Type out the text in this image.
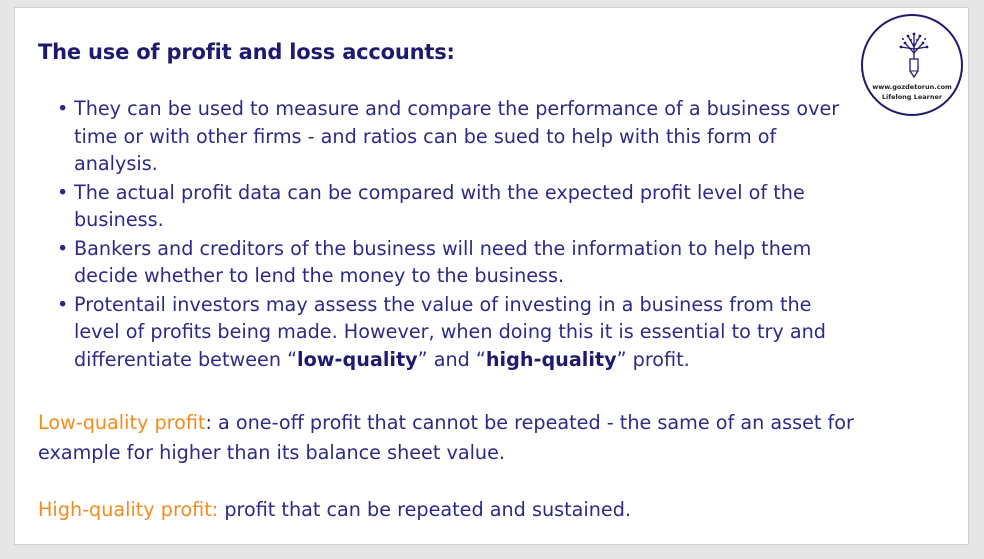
The use of profit and loss accounts:
• They can be used to measure and compare the performance of a business over time or with other firms - and ratios can be sued to help with this form of analysis.
• The actual profit data can be compared with the expected profit level of the business.
• Bankers and creditors of the business will need the information to help them decide whether to lend the money to the business.
• Protentail investors may assess the value of investing in a business from the level of profits being made. However, when doing this it is essential to try and differentiate between “low-quality” and “high-quality” profit.
Low-quality profit: a one-off profit that cannot be repeated - the same of an asset for example for higher than its balance sheet value.
High-quality profit: profit that can be repeated and sustained.
www.gozdetorun.com
Lifelong Learner
